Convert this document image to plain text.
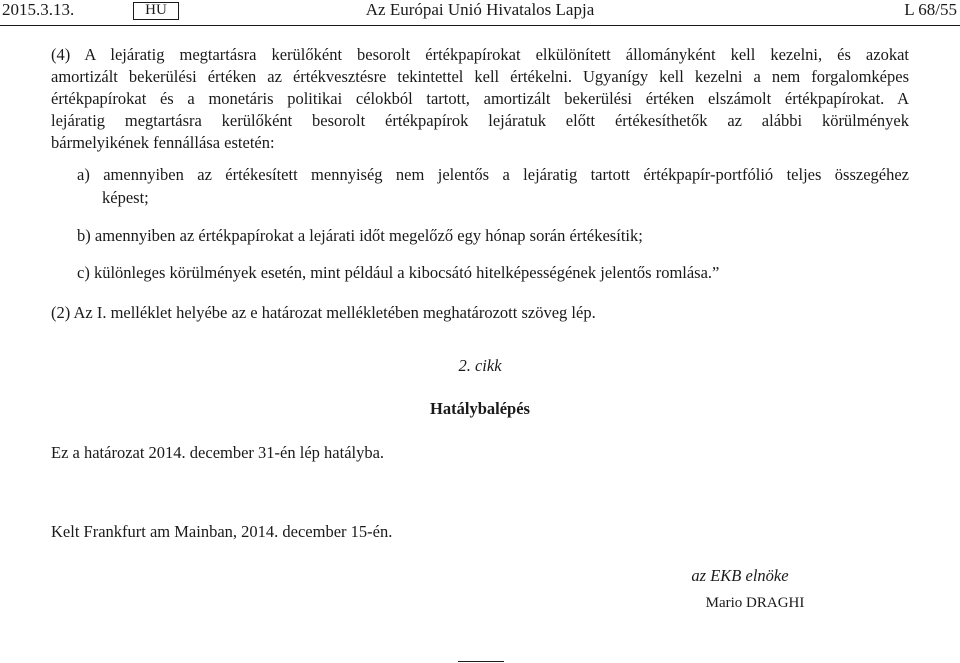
2015.3.13.	Az Európai Unió Hivatalos Lapja
HU	L 68/55
(4) A lejáratig megtartásra kerülőként besorolt értékpapírokat elkülönített állományként kell kezelni, és azokat
amortizált bekerülési értéken az értékvesztésre tekintettel kell értékelni. Ugyanígy kell kezelni a nem forgalomképes
értékpapírokat és a monetáris politikai célokból tartott, amortizált bekerülési értéken elszámolt értékpapírokat. A
lejáratig megtartásra kerülőként besorolt értékpapírok lejáratuk előtt értékesíthetők az alábbi körülmények
bármelyikének fennállása estetén:
a) amennyiben az értékesített mennyiség nem jelentős a lejáratig tartott értékpapír-portfólió teljes összegéhez
képest;
b) amennyiben az értékpapírokat a lejárati időt megelőző egy hónap során értékesítik;
c) különleges körülmények esetén, mint például a kibocsátó hitelképességének jelentős romlása.”
(2) Az I. melléklet helyébe az e határozat mellékletében meghatározott szöveg lép.
2. cikk
Hatálybalépés
Ez a határozat 2014. december 31-én lép hatályba.
Kelt Frankfurt am Mainban, 2014. december 15-én.
az EKB elnöke
Mario DRAGHI
